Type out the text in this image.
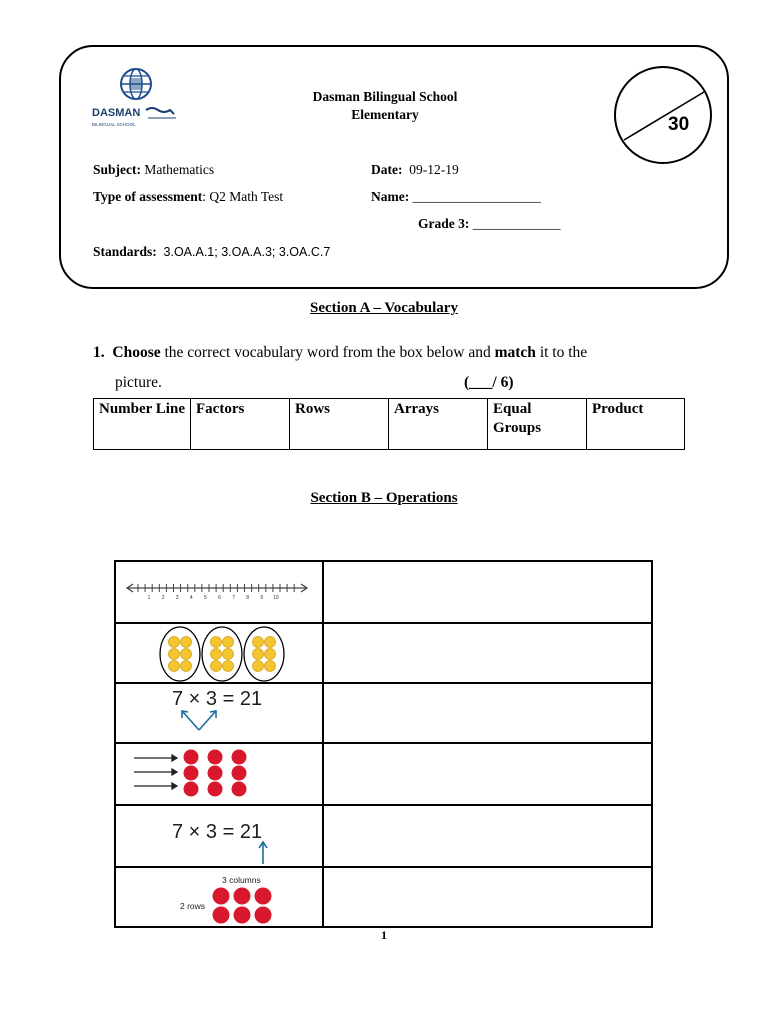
DASMAN
BILINGUAL SCHOOL
Dasman Bilingual School
Elementary	30
Subject: Mathematics	Date: 09-12-19
Type of assessment: Q2 Math Test	Name: ___________________
Grade 3: _____________
Standards: 3.OA.A.1; 3.OA.A.3; 3.OA.C.7
Section A – Vocabulary
1. Choose the correct vocabulary word from the box below and match it to the
picture.	(___/ 6)
Number Line	Factors	Rows	Arrays	Equal Groups	Product
Section B – Operations
1 2 3 4 5 6 7 8 9 10
7 × 3 = 21
7 × 3 = 21
3 columns
2 rows
1
